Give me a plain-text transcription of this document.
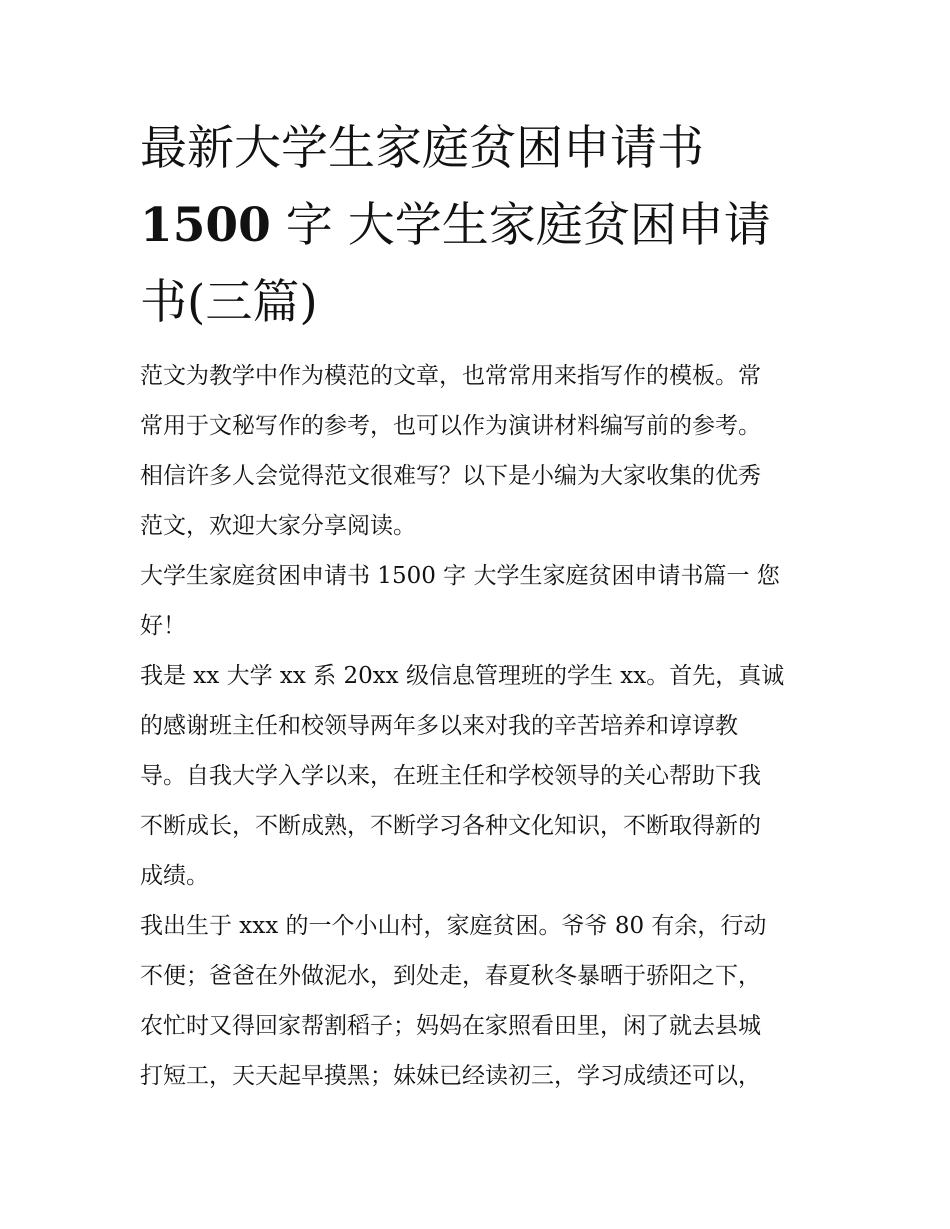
最新大学生家庭贫困申请书
1500 字 大学生家庭贫困申请
书(三篇)

范文为教学中作为模范的文章，也常常用来指写作的模板。常
常用于文秘写作的参考，也可以作为演讲材料编写前的参考。
相信许多人会觉得范文很难写？以下是小编为大家收集的优秀
范文，欢迎大家分享阅读。

大学生家庭贫困申请书 1500 字 大学生家庭贫困申请书篇一 您
好！

我是 xx 大学 xx 系 20xx 级信息管理班的学生 xx。首先，真诚
的感谢班主任和校领导两年多以来对我的辛苦培养和谆谆教
导。自我大学入学以来，在班主任和学校领导的关心帮助下我
不断成长，不断成熟，不断学习各种文化知识，不断取得新的
成绩。

我出生于 xxx 的一个小山村，家庭贫困。爷爷 80 有余，行动
不便；爸爸在外做泥水，到处走，春夏秋冬暴晒于骄阳之下，
农忙时又得回家帮割稻子；妈妈在家照看田里，闲了就去县城
打短工，天天起早摸黑；妹妹已经读初三，学习成绩还可以，
